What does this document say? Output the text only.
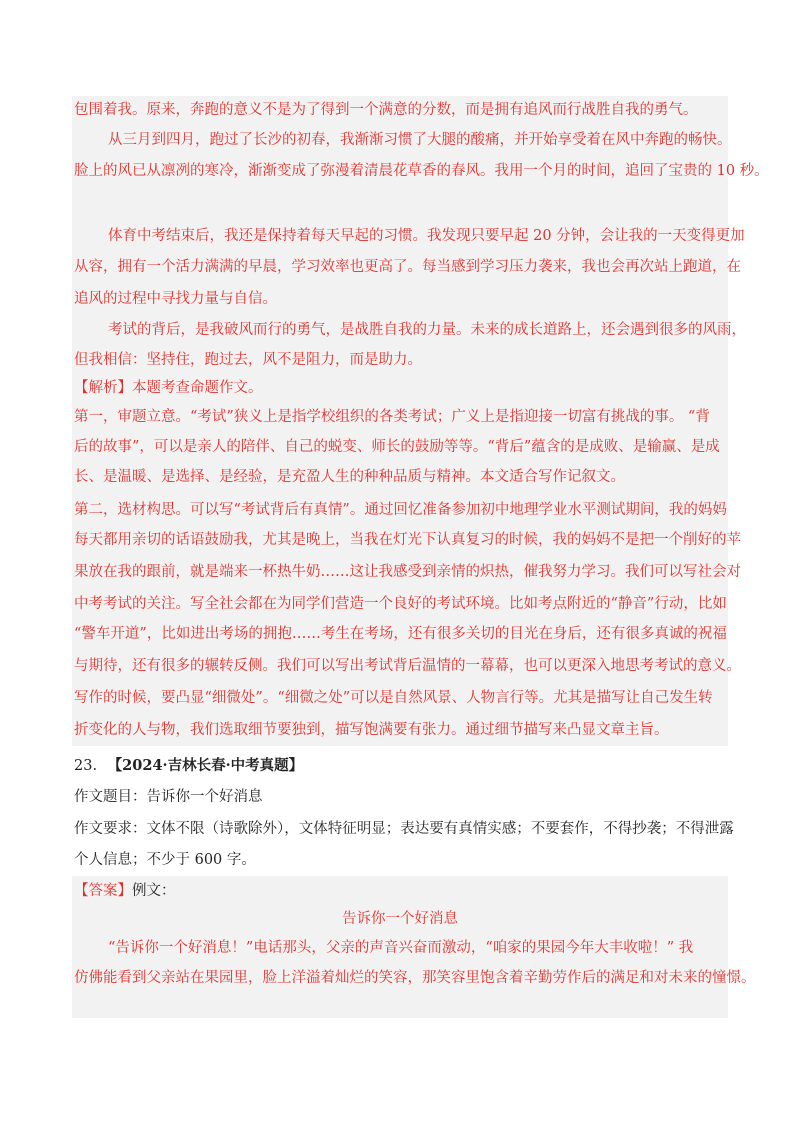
包围着我。原来，奔跑的意义不是为了得到一个满意的分数，而是拥有追风而行战胜自我的勇气。
从三月到四月，跑过了长沙的初春，我渐渐习惯了大腿的酸痛，并开始享受着在风中奔跑的畅快。
脸上的风已从凛冽的寒冷，渐渐变成了弥漫着清晨花草香的春风。我用一个月的时间，追回了宝贵的 10 秒。
体育中考结束后，我还是保持着每天早起的习惯。我发现只要早起 20 分钟，会让我的一天变得更加
从容，拥有一个活力满满的早晨，学习效率也更高了。每当感到学习压力袭来，我也会再次站上跑道，在
追风的过程中寻找力量与自信。
考试的背后，是我破风而行的勇气，是战胜自我的力量。未来的成长道路上，还会遇到很多的风雨，
但我相信：坚持住，跑过去，风不是阻力，而是助力。
【解析】本题考查命题作文。
第一，审题立意。“考试”狭义上是指学校组织的各类考试；广义上是指迎接一切富有挑战的事。 “背
后的故事”，可以是亲人的陪伴、自己的蜕变、师长的鼓励等等。“背后”蕴含的是成败、是输赢、是成
长、是温暖、是选择、是经验，是充盈人生的种种品质与精神。本文适合写作记叙文。
第二，选材构思。可以写“考试背后有真情”。通过回忆准备参加初中地理学业水平测试期间，我的妈妈
每天都用亲切的话语鼓励我，尤其是晚上，当我在灯光下认真复习的时候，我的妈妈不是把一个削好的苹
果放在我的跟前，就是端来一杯热牛奶……这让我感受到亲情的炽热，催我努力学习。我们可以写社会对
中考考试的关注。写全社会都在为同学们营造一个良好的考试环境。比如考点附近的“静音”行动，比如
“警车开道”，比如进出考场的拥抱……考生在考场，还有很多关切的目光在身后，还有很多真诚的祝福
与期待，还有很多的辗转反侧。我们可以写出考试背后温情的一幕幕，也可以更深入地思考考试的意义。
写作的时候，要凸显“细微处”。“细微之处”可以是自然风景、人物言行等。尤其是描写让自己发生转
折变化的人与物，我们选取细节要独到，描写饱满要有张力。通过细节描写来凸显文章主旨。
23. 【2024·吉林长春·中考真题】
作文题目：告诉你一个好消息
作文要求：文体不限（诗歌除外），文体特征明显；表达要有真情实感；不要套作，不得抄袭；不得泄露
个人信息；不少于 600 字。
【答案】例文：
告诉你一个好消息
“告诉你一个好消息！”电话那头，父亲的声音兴奋而激动，“咱家的果园今年大丰收啦！” 我
仿佛能看到父亲站在果园里，脸上洋溢着灿烂的笑容，那笑容里饱含着辛勤劳作后的满足和对未来的憧憬。
